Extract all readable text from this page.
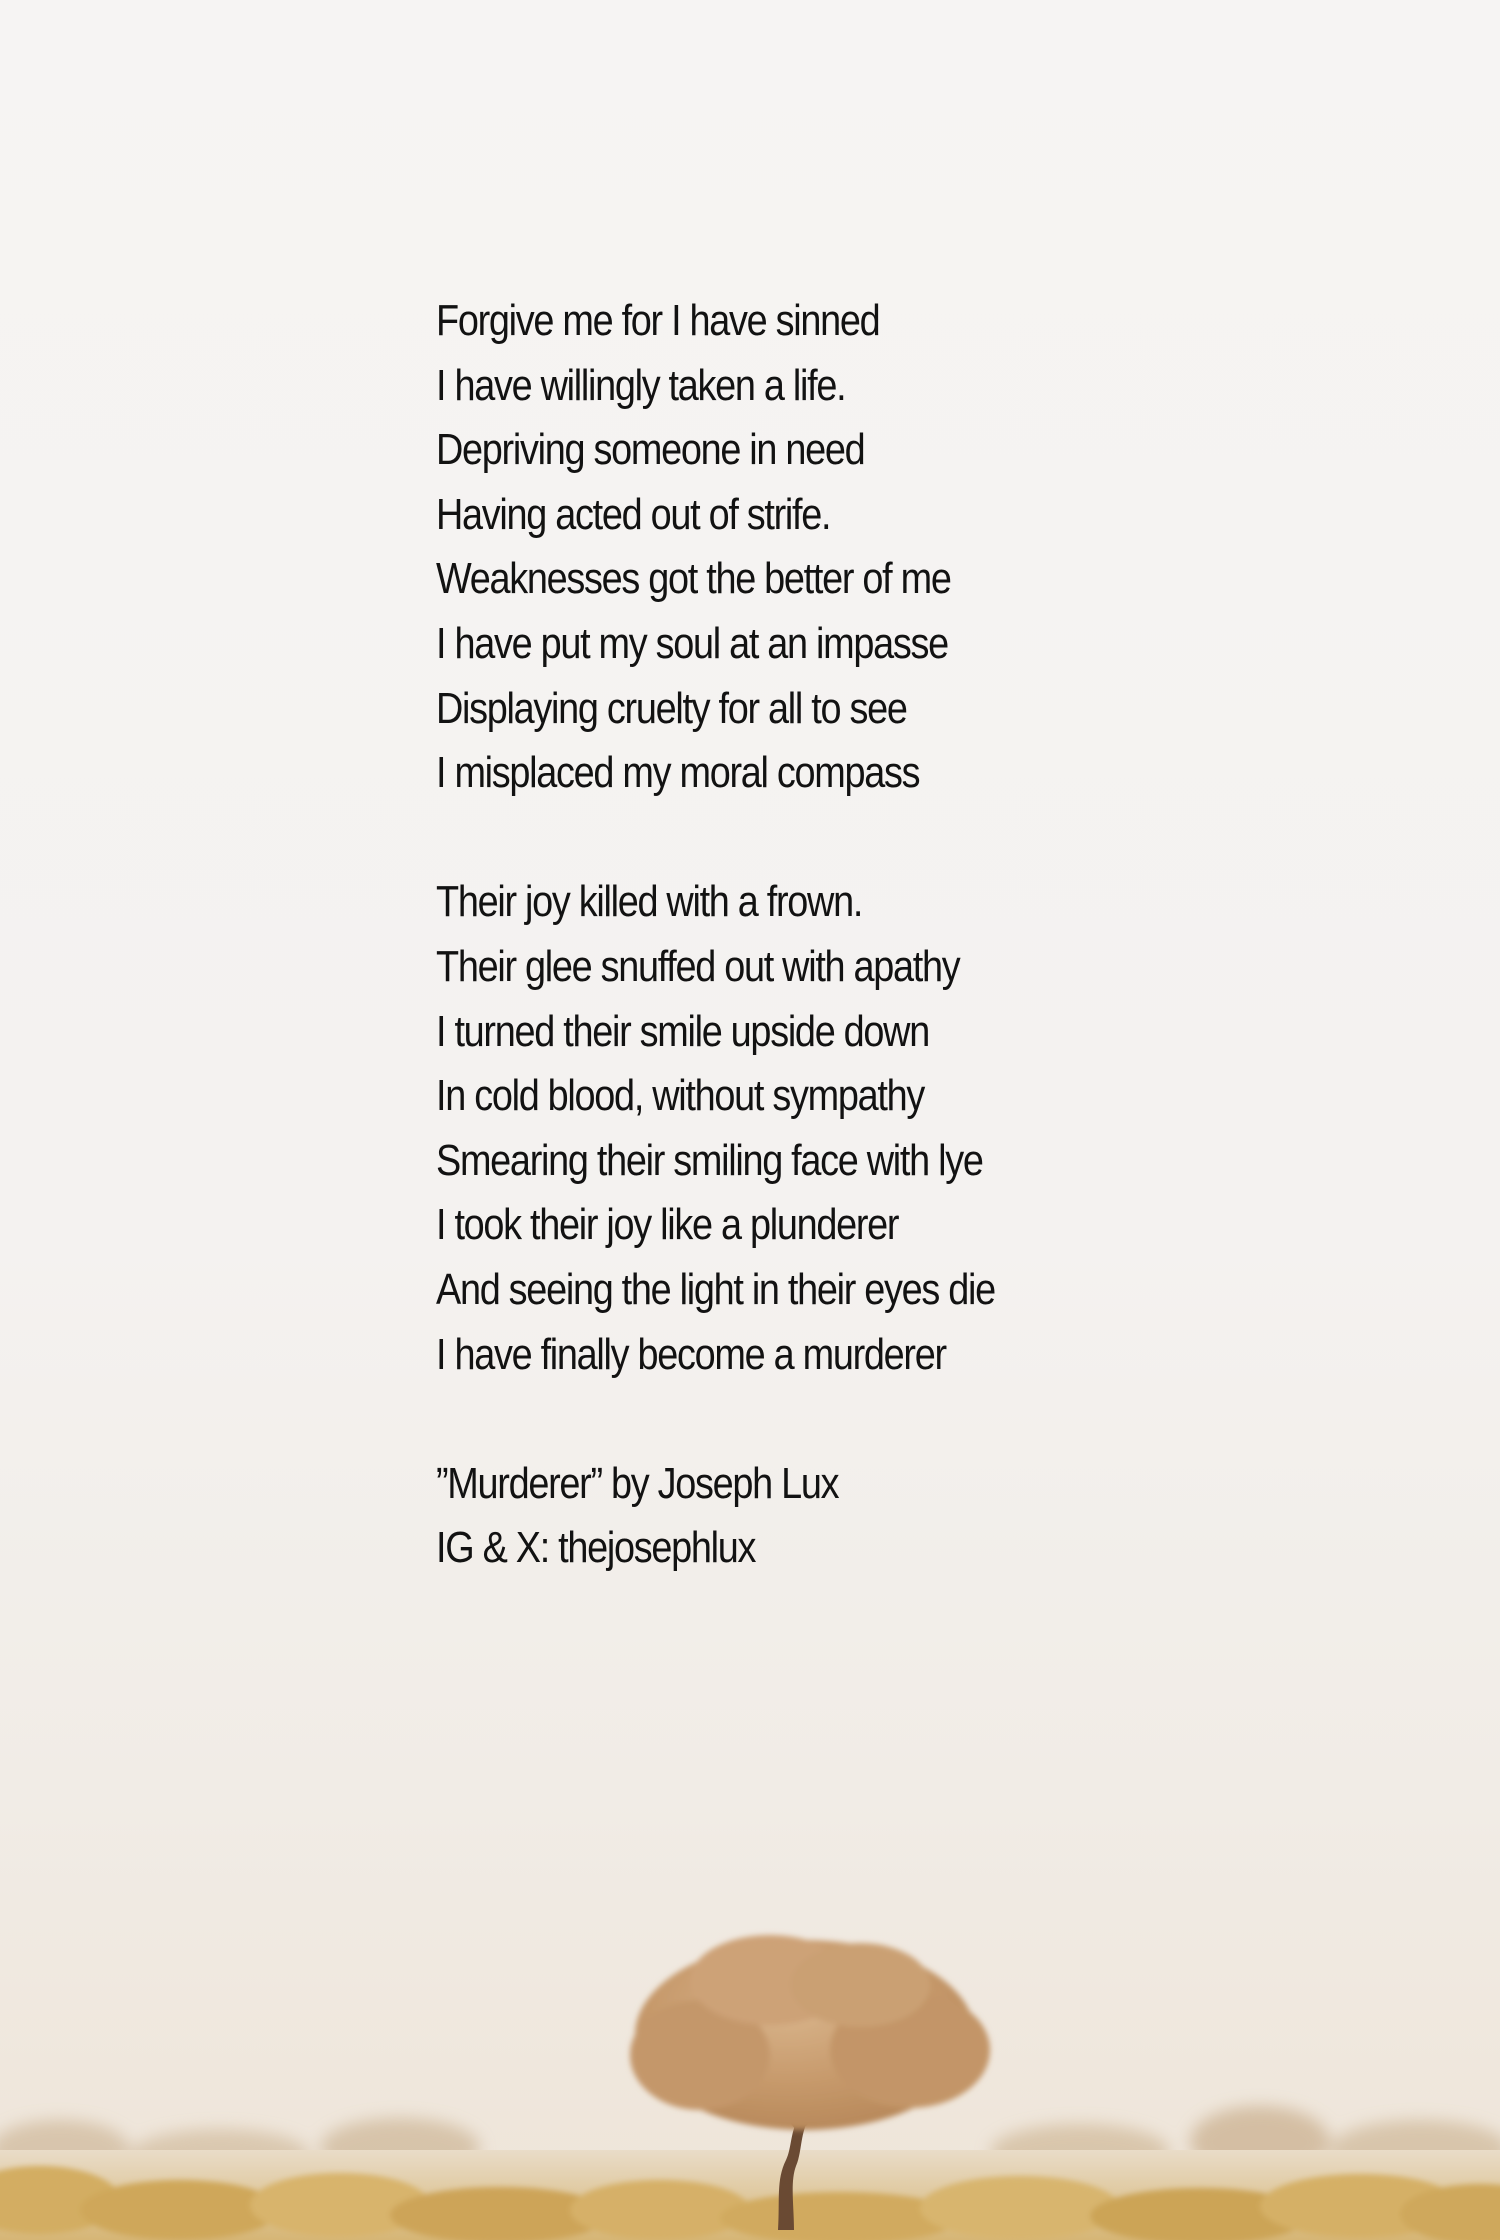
Forgive me for I have sinned
I have willingly taken a life.
Depriving someone in need
Having acted out of strife.
Weaknesses got the better of me
I have put my soul at an impasse
Displaying cruelty for all to see
I misplaced my moral compass
Their joy killed with a frown.
Their glee snuffed out with apathy
I turned their smile upside down
In cold blood, without sympathy
Smearing their smiling face with lye
I took their joy like a plunderer
And seeing the light in their eyes die
I have finally become a murderer
”Murderer” by Joseph Lux
IG & X: thejosephlux
